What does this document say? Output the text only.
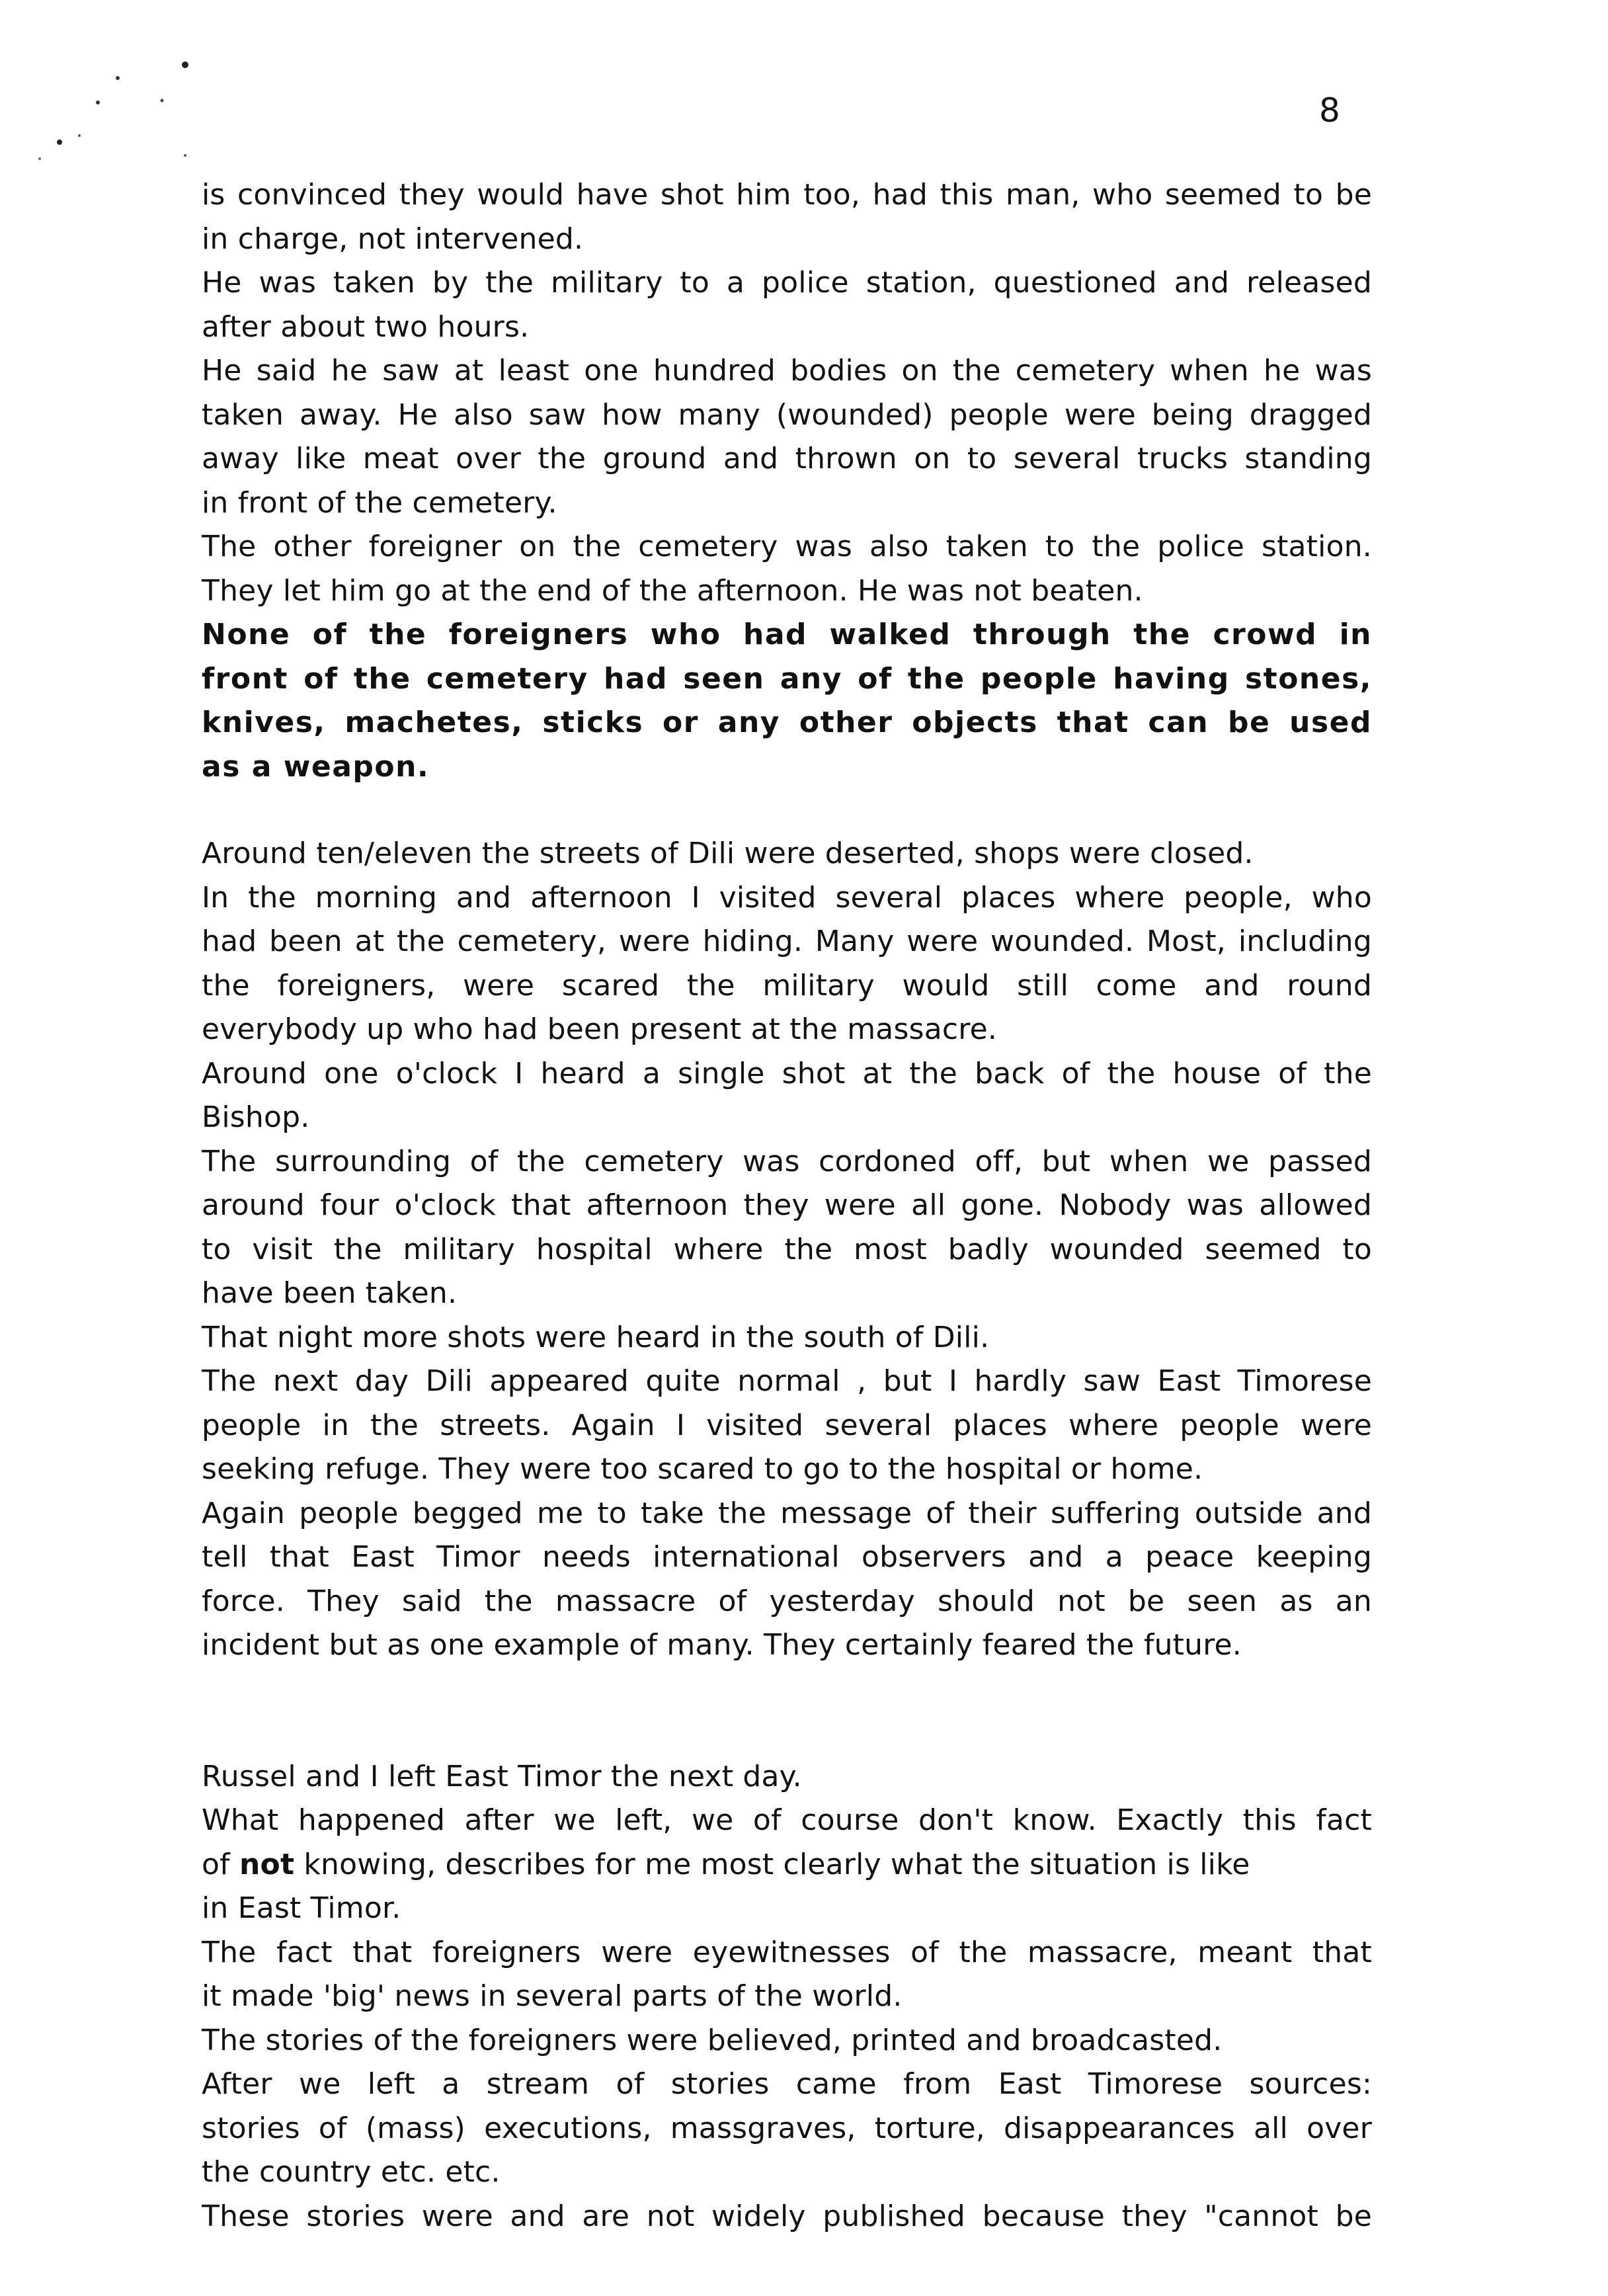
8
is convinced they would have shot him too, had this man, who seemed to be
in charge, not intervened.
He was taken by the military to a police station, questioned and released
after about two hours.
He said he saw at least one hundred bodies on the cemetery when he was
taken away. He also saw how many (wounded) people were being dragged
away like meat over the ground and thrown on to several trucks standing
in front of the cemetery.
The other foreigner on the cemetery was also taken to the police station.
They let him go at the end of the afternoon. He was not beaten.
None of the foreigners who had walked through the crowd in
front of the cemetery had seen any of the people having stones,
knives, machetes, sticks or any other objects that can be used
as a weapon.
Around ten/eleven the streets of Dili were deserted, shops were closed.
In the morning and afternoon I visited several places where people, who
had been at the cemetery, were hiding. Many were wounded. Most, including
the foreigners, were scared the military would still come and round
everybody up who had been present at the massacre.
Around one o'clock I heard a single shot at the back of the house of the
Bishop.
The surrounding of the cemetery was cordoned off, but when we passed
around four o'clock that afternoon they were all gone. Nobody was allowed
to visit the military hospital where the most badly wounded seemed to
have been taken.
That night more shots were heard in the south of Dili.
The next day Dili appeared quite normal , but I hardly saw East Timorese
people in the streets. Again I visited several places where people were
seeking refuge. They were too scared to go to the hospital or home.
Again people begged me to take the message of their suffering outside and
tell that East Timor needs international observers and a peace keeping
force. They said the massacre of yesterday should not be seen as an
incident but as one example of many. They certainly feared the future.
Russel and I left East Timor the next day.
What happened after we left, we of course don't know. Exactly this fact
of not knowing, describes for me most clearly what the situation is like
in East Timor.
The fact that foreigners were eyewitnesses of the massacre, meant that
it made 'big' news in several parts of the world.
The stories of the foreigners were believed, printed and broadcasted.
After we left a stream of stories came from East Timorese sources:
stories of (mass) executions, massgraves, torture, disappearances all over
the country etc. etc.
These stories were and are not widely published because they "cannot be
